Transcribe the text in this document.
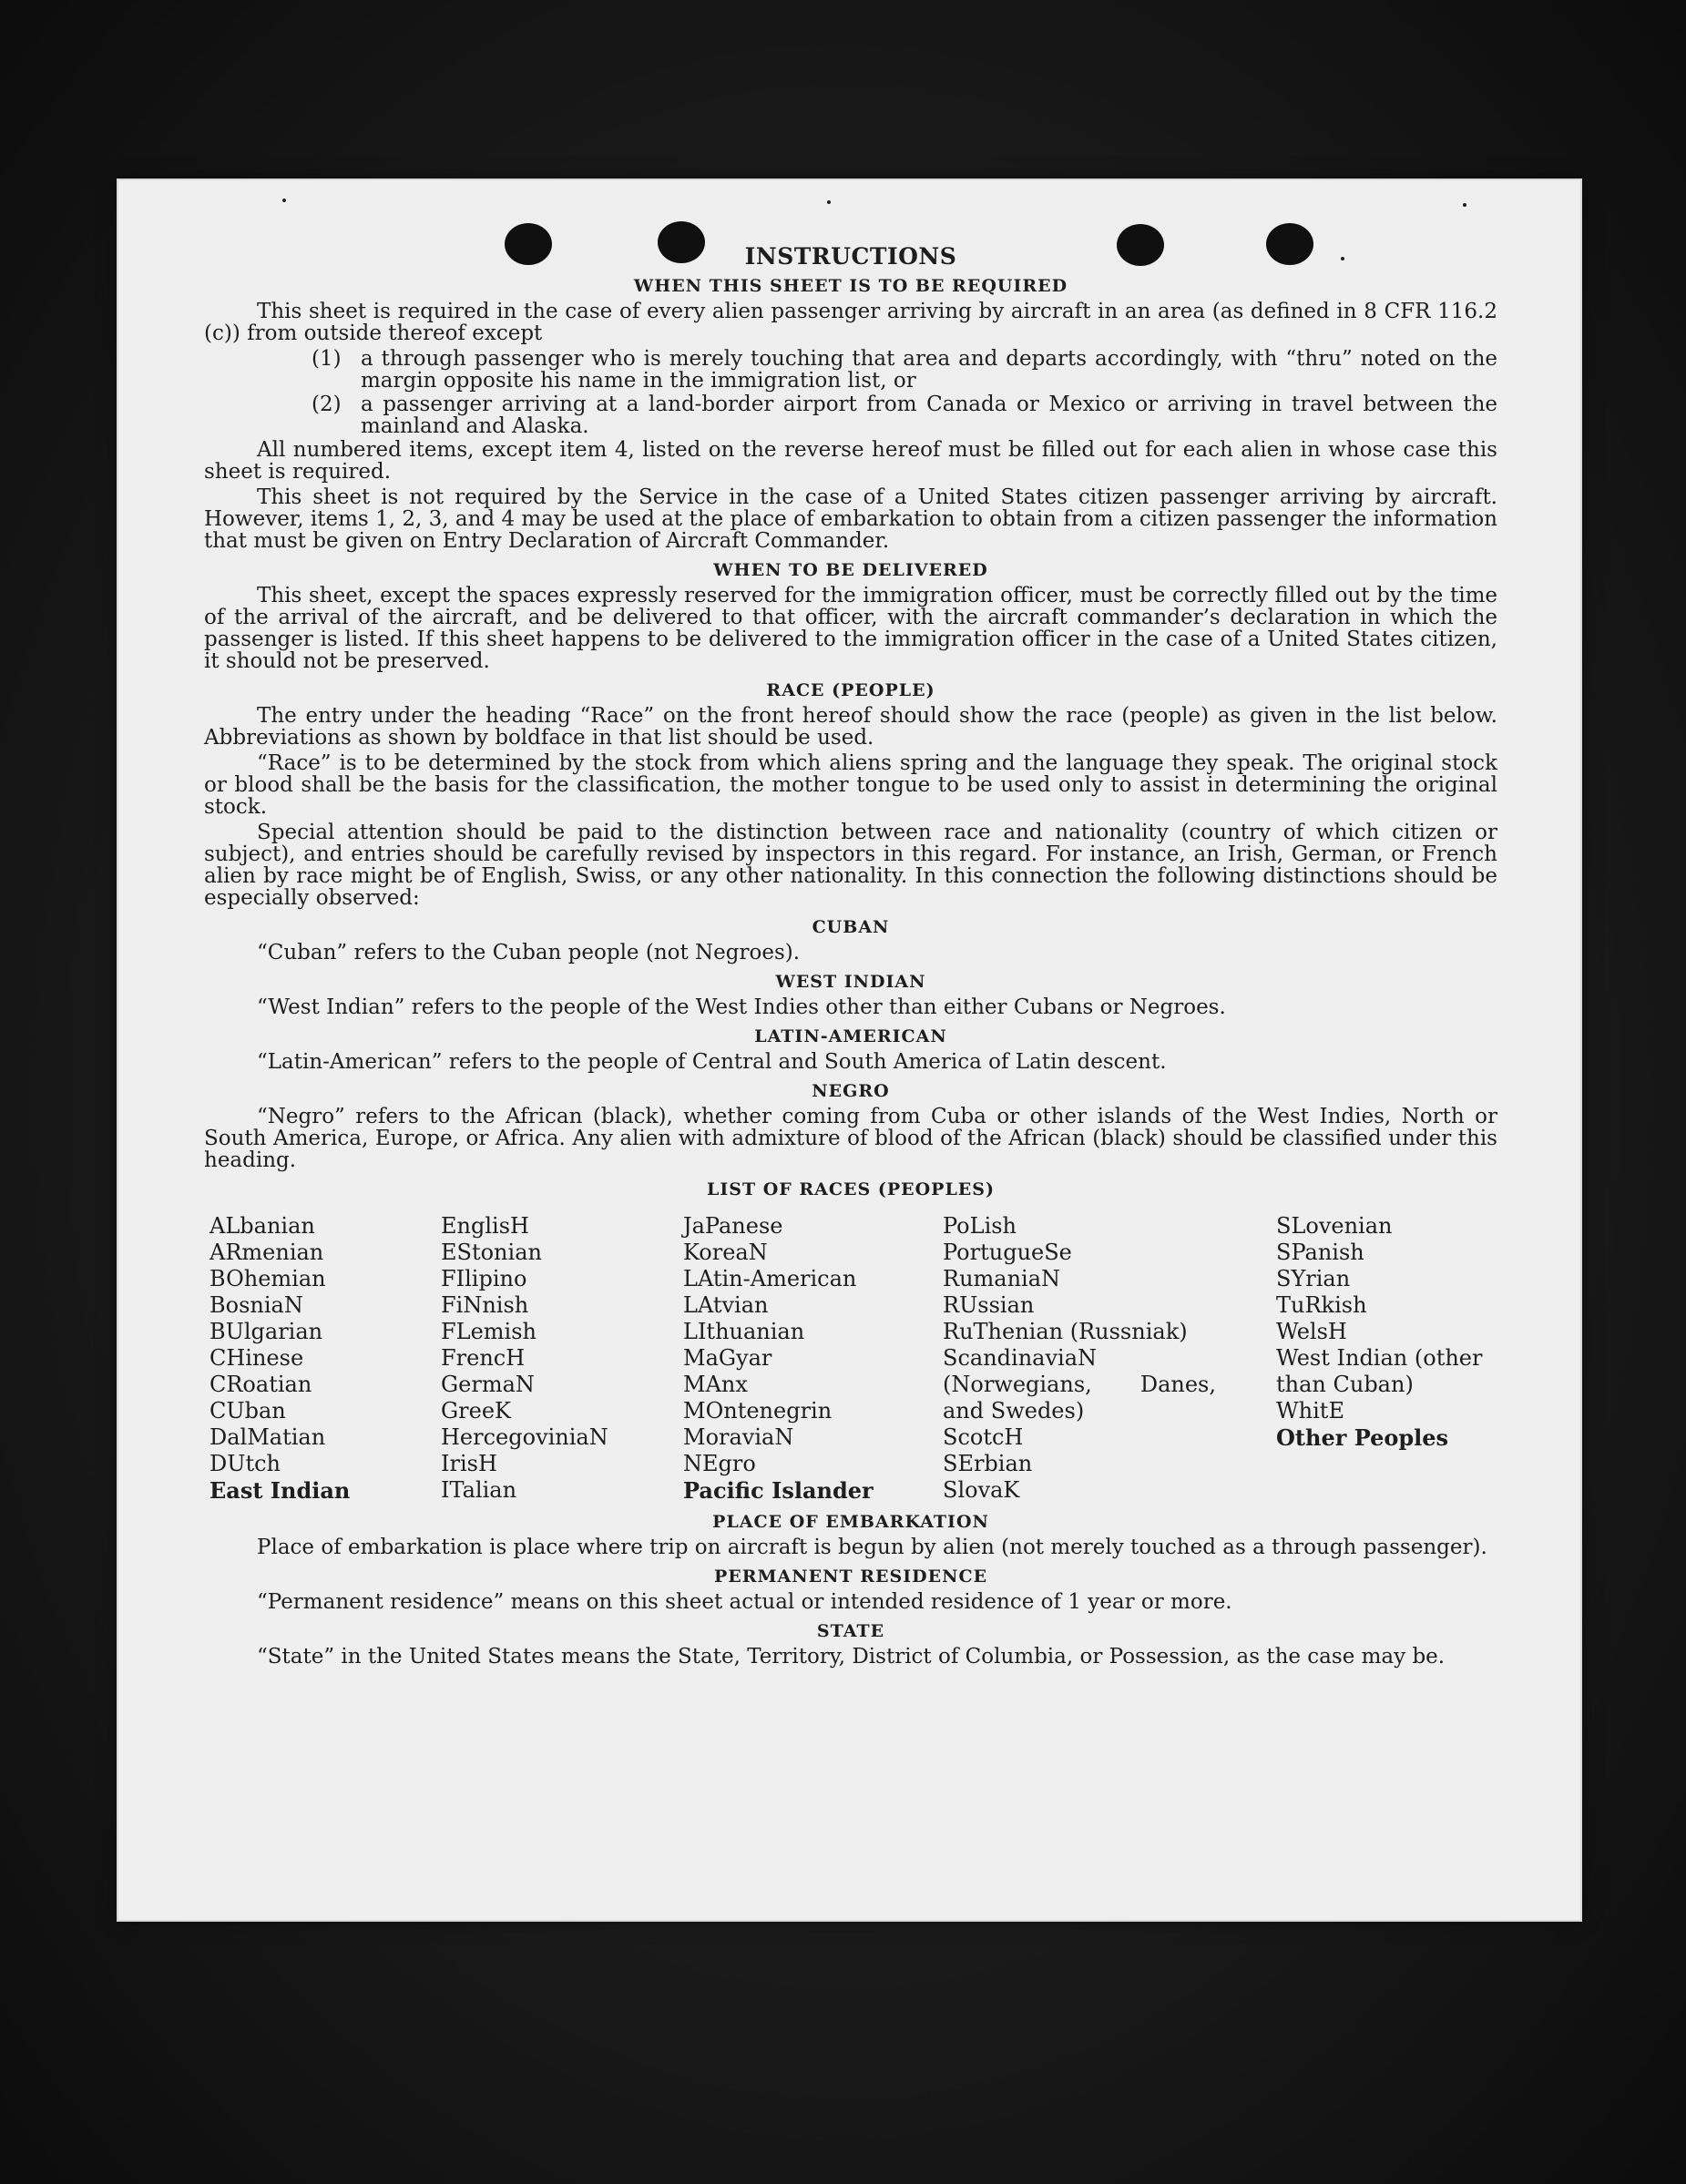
INSTRUCTIONS
WHEN THIS SHEET IS TO BE REQUIRED

This sheet is required in the case of every alien passenger arriving by aircraft in an area (as defined in 8 CFR 116.2 (c)) from outside thereof except

(1) a through passenger who is merely touching that area and departs accordingly, with “thru” noted on the margin opposite his name in the immigration list, or
(2) a passenger arriving at a land-border airport from Canada or Mexico or arriving in travel between the mainland and Alaska.

All numbered items, except item 4, listed on the reverse hereof must be filled out for each alien in whose case this sheet is required.

This sheet is not required by the Service in the case of a United States citizen passenger arriving by aircraft. However, items 1, 2, 3, and 4 may be used at the place of embarkation to obtain from a citizen passenger the information that must be given on Entry Declaration of Aircraft Commander.

WHEN TO BE DELIVERED

This sheet, except the spaces expressly reserved for the immigration officer, must be correctly filled out by the time of the arrival of the aircraft, and be delivered to that officer, with the aircraft commander’s declaration in which the passenger is listed. If this sheet happens to be delivered to the immigration officer in the case of a United States citizen, it should not be preserved.

RACE (PEOPLE)

The entry under the heading “Race” on the front hereof should show the race (people) as given in the list below. Abbreviations as shown by boldface in that list should be used.

“Race” is to be determined by the stock from which aliens spring and the language they speak. The original stock or blood shall be the basis for the classification, the mother tongue to be used only to assist in determining the original stock.

Special attention should be paid to the distinction between race and nationality (country of which citizen or subject), and entries should be carefully revised by inspectors in this regard. For instance, an Irish, German, or French alien by race might be of English, Swiss, or any other nationality. In this connection the following distinctions should be especially observed:

CUBAN

“Cuban” refers to the Cuban people (not Negroes).

WEST INDIAN

“West Indian” refers to the people of the West Indies other than either Cubans or Negroes.

LATIN-AMERICAN

“Latin-American” refers to the people of Central and South America of Latin descent.

NEGRO

“Negro” refers to the African (black), whether coming from Cuba or other islands of the West Indies, North or South America, Europe, or Africa. Any alien with admixture of blood of the African (black) should be classified under this heading.

LIST OF RACES (PEOPLES)
ALbanian
ARmenian
BOhemian
BosniaN
BUlgarian
CHinese
CRoatian
CUban
DalMatian
DUtch
East Indian
EnglisH
EStonian
FIlipino
FiNnish
FLemish
FrencH
GermaN
GreeK
HercegoviniaN
IrisH
ITalian
JaPanese
KoreaN
LAtin-American
LAtvian
LIthuanian
MaGyar
MAnx
MOntenegrin
MoraviaN
NEgro
Pacific Islander
PoLish
PortugueSe
RumaniaN
RUssian
RuThenian (Russniak)
ScandinaviaN (Norwegians, Danes, and Swedes)
ScotcH
SErbian
SlovaK
SLovenian
SPanish
SYrian
TuRkish
WelsH
West Indian (other than Cuban)
WhitE
Other Peoples
PLACE OF EMBARKATION

Place of embarkation is place where trip on aircraft is begun by alien (not merely touched as a through passenger).

PERMANENT RESIDENCE

“Permanent residence” means on this sheet actual or intended residence of 1 year or more.

STATE

“State” in the United States means the State, Territory, District of Columbia, or Possession, as the case may be.
